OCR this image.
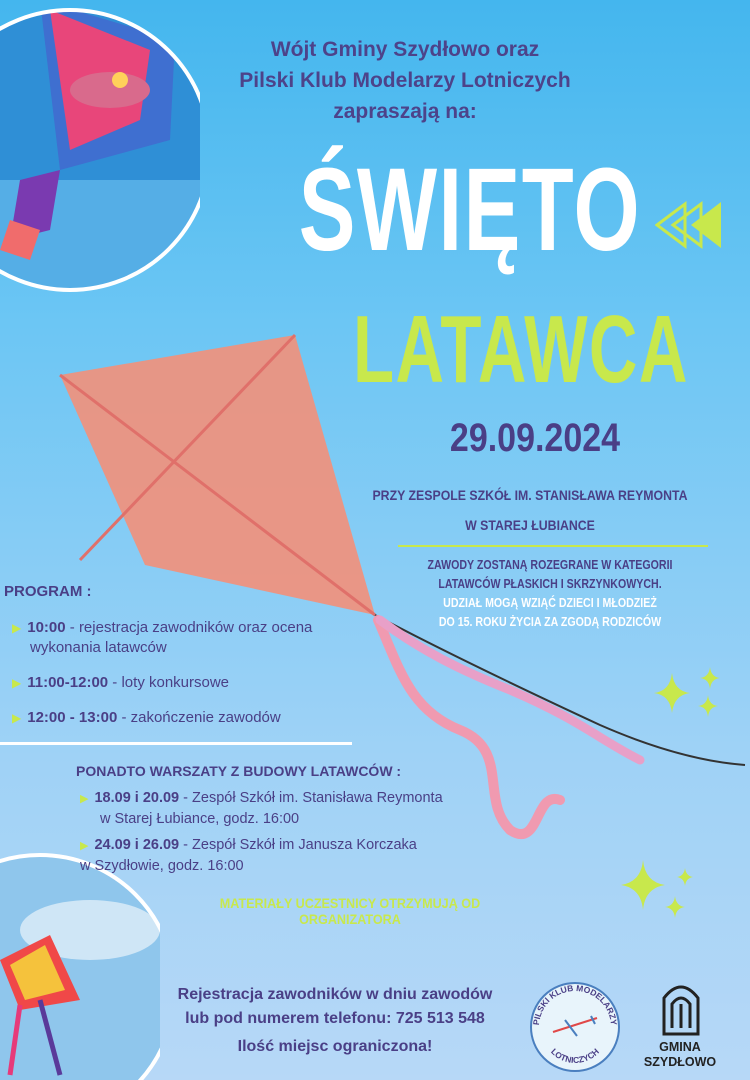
Wójt Gminy Szydłowo oraz
Pilski Klub Modelarzy Lotniczych
zapraszają na:
ŚWIĘTO
LATAWCA
29.09.2024
PRZY ZESPOLE SZKÓŁ IM. STANISŁAWA REYMONTA
W STAREJ ŁUBIANCE
ZAWODY ZOSTANĄ ROZEGRANE W KATEGORII
LATAWCÓW PŁASKICH I SKRZYNKOWYCH.
UDZIAŁ MOGĄ WZIĄĆ DZIECI I MŁODZIEŻ
DO 15. ROKU ŻYCIA ZA ZGODĄ RODZICÓW
PROGRAM :
▶ 10:00 - rejestracja zawodników oraz ocena
wykonania latawców
▶ 11:00-12:00 - loty konkursowe
▶ 12:00 - 13:00 - zakończenie zawodów
PONADTO WARSZATY Z BUDOWY LATAWCÓW :
▶ 18.09 i 20.09 - Zespół Szkół im. Stanisława Reymonta
w Starej Łubiance, godz. 16:00
▶ 24.09 i 26.09 - Zespół Szkół im Janusza Korczaka
w Szydłowie, godz. 16:00
MATERIAŁY UCZESTNICY OTRZYMUJĄ OD ORGANIZATORA
Rejestracja zawodników w dniu zawodów
lub pod numerem telefonu: 725 513 548
Ilość miejsc ograniczona!
PILSKI KLUB MODELARZY
LOTNICZYCH	GMINA
SZYDŁOWO
